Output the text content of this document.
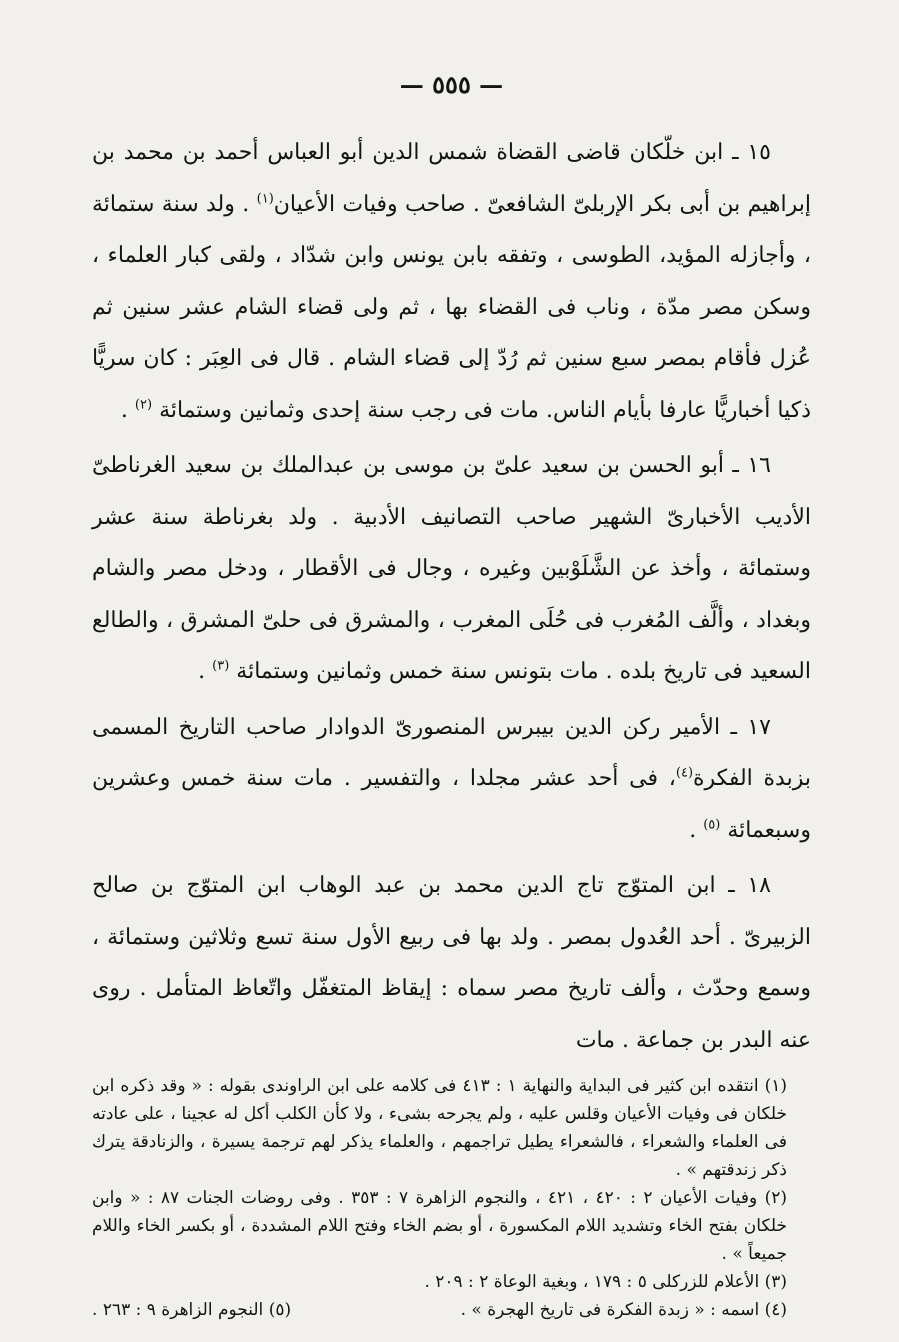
— ٥٥٥ —

١٥ ـ ابن خلّكان قاضى القضاة شمس الدين أبو العباس أحمد بن محمد بن إبراهيم بن أبى بكر الإربلىّ الشافعىّ . صاحب وفيات الأعيان$^{(١)}$ . ولد سنة ستمائة ، وأجازله المؤيد، الطوسى ، وتفقه بابن يونس وابن شدّاد ، ولقى كبار العلماء ، وسكن مصر مدّة ، وناب فى القضاء بها ، ثم ولى قضاء الشام عشر سنين ثم عُزل فأقام بمصر سبع سنين ثم رُدّ إلى قضاء الشام . قال فى العِبَر : كان سريًّا ذكيا أخباريًّا عارفا بأيام الناس. مات فى رجب سنة إحدى وثمانين وستمائة $^{(٢)}$ .

١٦ ـ أبو الحسن بن سعيد علىّ بن موسى بن عبدالملك بن سعيد الغرناطىّ الأديب الأخبارىّ الشهير صاحب التصانيف الأدبية . ولد بغرناطة سنة عشر وستمائة ، وأخذ عن الشَّلَوْبين وغيره ، وجال فى الأقطار ، ودخل مصر والشام وبغداد ، وألَّف المُغرب فى حُلَى المغرب ، والمشرق فى حلىّ المشرق ، والطالع السعيد فى تاريخ بلده . مات بتونس سنة خمس وثمانين وستمائة $^{(٣)}$ .

١٧ ـ الأمير ركن الدين بيبرس المنصورىّ الدوادار صاحب التاريخ المسمى بزبدة الفكرة$^{(٤)}$، فى أحد عشر مجلدا ، والتفسير . مات سنة خمس وعشرين وسبعمائة $^{(٥)}$ .

١٨ ـ ابن المتوّج تاج الدين محمد بن عبد الوهاب ابن المتوّج بن صالح الزبيرىّ . أحد العُدول بمصر . ولد بها فى ربيع الأول سنة تسع وثلاثين وستمائة ، وسمع وحدّث ، وألف تاريخ مصر سماه : إيقاظ المتغفّل واتّعاظ المتأمل . روى عنه البدر بن جماعة . مات

(١) انتقده ابن كثير فى البداية والنهاية ١ : ٤١٣ فى كلامه على ابن الراوندى بقوله : « وقد ذكره ابن خلكان فى وفيات الأعيان وقلس عليه ، ولم يجرحه بشىء ، ولا كأن الكلب أكل له عجينا ، على عادته فى العلماء والشعراء ، فالشعراء يطيل تراجمهم ، والعلماء يذكر لهم ترجمة يسيرة ، والزنادقة يترك ذكر زندقتهم » .

(٢) وفيات الأعيان ٢ : ٤٢٠ ، ٤٢١ ، والنجوم الزاهرة ٧ : ٣٥٣ . وفى روضات الجنات ٨٧ : « وابن خلكان بفتح الخاء وتشديد اللام المكسورة ، أو بضم الخاء وفتح اللام المشددة ، أو بكسر الخاء واللام جميعاً » .

(٣) الأعلام للزركلى ٥ : ١٧٩ ، وبغية الوعاة ٢ : ٢٠٩ .

(٤) اسمه : « زبدة الفكرة فى تاريخ الهجرة » .
(٥) النجوم الزاهرة ٩ : ٢٦٣ .
